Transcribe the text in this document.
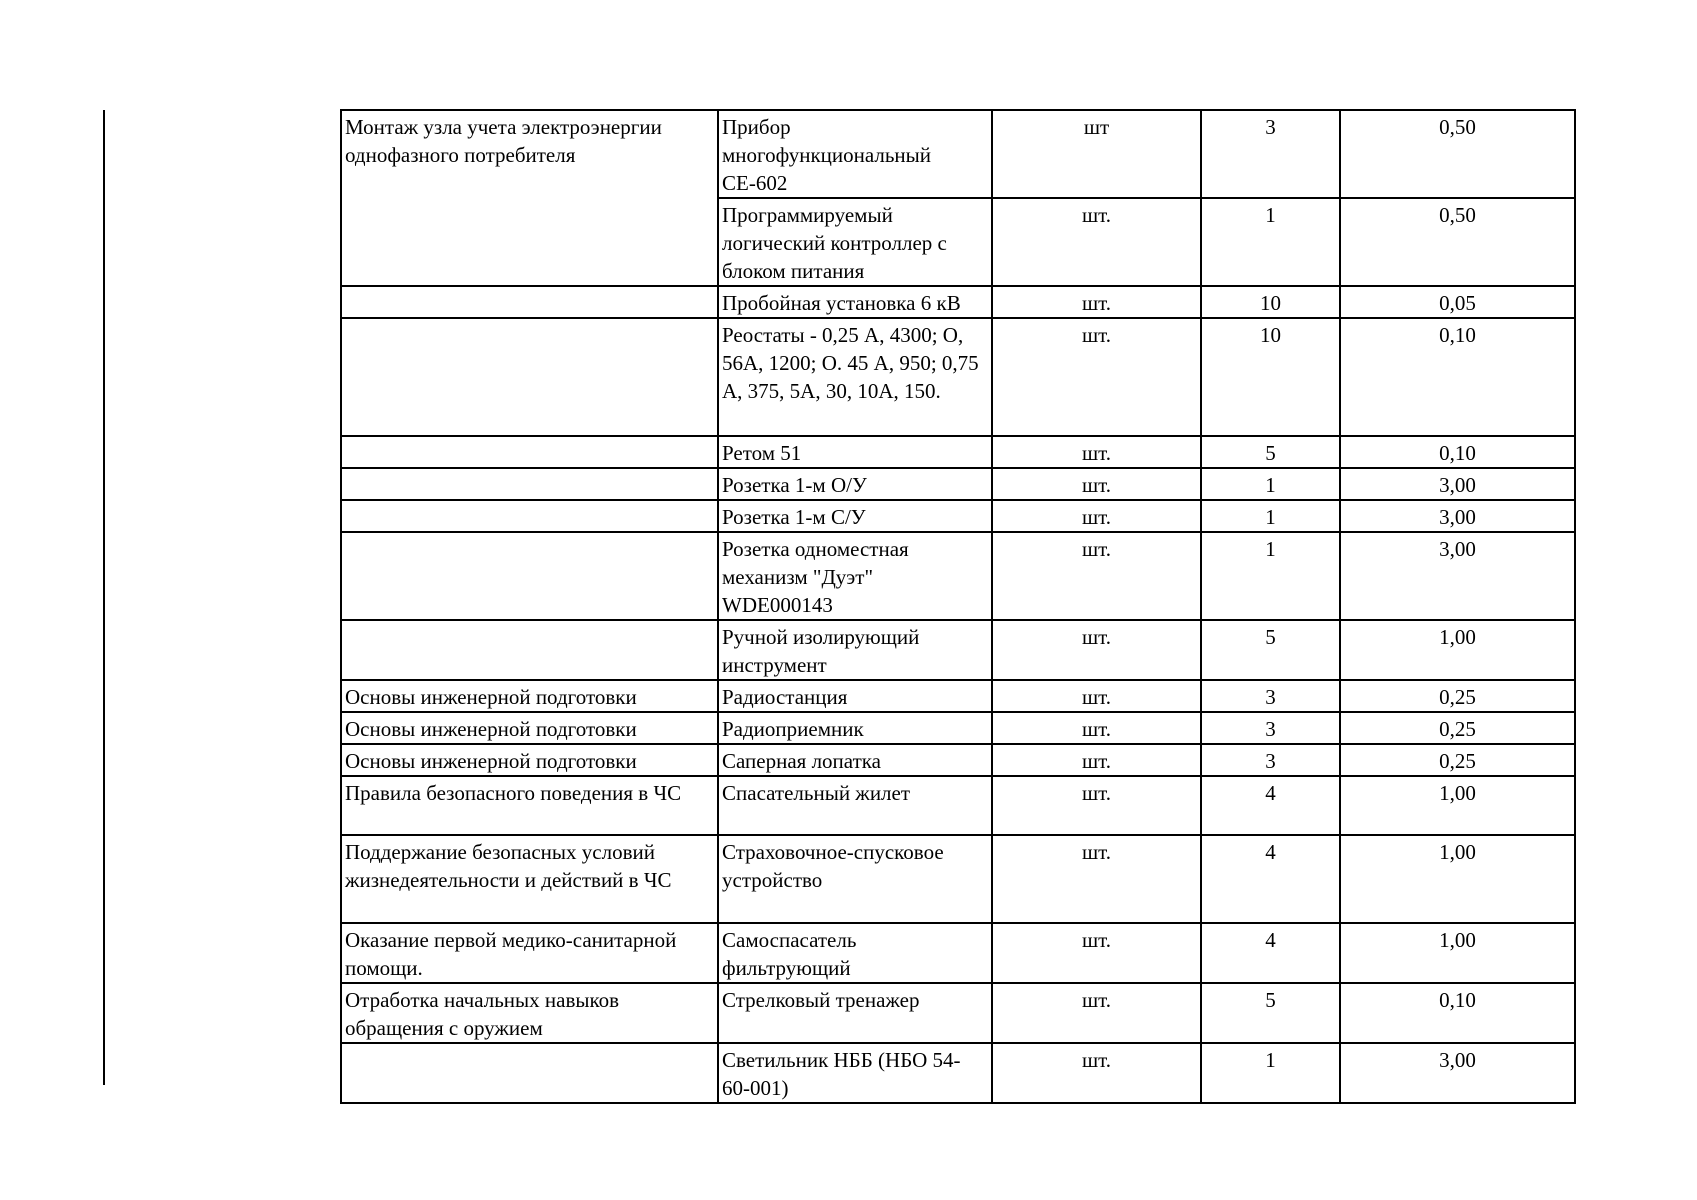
Монтаж узла учета электроэнергии однофазного потребителя	Прибор многофункциональный СЕ-602	шт	3	0,50
	Программируемый логический контроллер с блоком питания	шт.	1	0,50
	Пробойная установка 6 кВ	шт.	10	0,05
	Реостаты - 0,25 А, 4300; О, 56А, 1200; О. 45 А, 950; 0,75 А, 375, 5А, 30, 10А, 150.	шт.	10	0,10
	Ретом 51	шт.	5	0,10
	Розетка 1-м О/У	шт.	1	3,00
	Розетка 1-м С/У	шт.	1	3,00
	Розетка одноместная механизм "Дуэт" WDE000143	шт.	1	3,00
	Ручной изолирующий инструмент	шт.	5	1,00
Основы инженерной подготовки	Радиостанция	шт.	3	0,25
Основы инженерной подготовки	Радиоприемник	шт.	3	0,25
Основы инженерной подготовки	Саперная лопатка	шт.	3	0,25
Правила безопасного поведения в ЧС	Спасательный жилет	шт.	4	1,00
Поддержание безопасных условий жизнедеятельности и действий в ЧС	Страховочное-спусковое устройство	шт.	4	1,00
Оказание первой медико-санитарной помощи.	Самоспасатель фильтрующий	шт.	4	1,00
Отработка начальных навыков обращения с оружием	Стрелковый тренажер	шт.	5	0,10
	Светильник НББ (НБО 54-60-001)	шт.	1	3,00
